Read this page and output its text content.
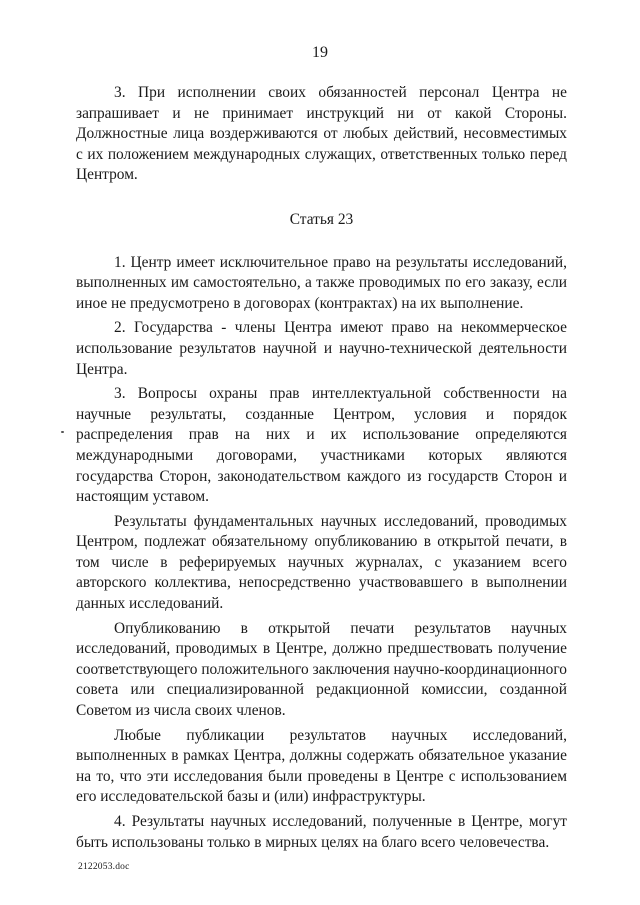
19

3. При исполнении своих обязанностей персонал Центра не запрашивает и не принимает инструкций ни от какой Стороны. Должностные лица воздерживаются от любых действий, несовместимых с их положением международных служащих, ответственных только перед Центром.

Статья 23

1. Центр имеет исключительное право на результаты исследований, выполненных им самостоятельно, а также проводимых по его заказу, если иное не предусмотрено в договорах (контрактах) на их выполнение.

2. Государства - члены Центра имеют право на некоммерческое использование результатов научной и научно-технической деятельности Центра.

3. Вопросы охраны прав интеллектуальной собственности на научные результаты, созданные Центром, условия и порядок распределения прав на них и их использование определяются международными договорами, участниками которых являются государства Сторон, законодательством каждого из государств Сторон и настоящим уставом.

Результаты фундаментальных научных исследований, проводимых Центром, подлежат обязательному опубликованию в открытой печати, в том числе в реферируемых научных журналах, с указанием всего авторского коллектива, непосредственно участвовавшего в выполнении данных исследований.

Опубликованию в открытой печати результатов научных исследований, проводимых в Центре, должно предшествовать получение соответствующего положительного заключения научно-координационного совета или специализированной редакционной комиссии, созданной Советом из числа своих членов.

Любые публикации результатов научных исследований, выполненных в рамках Центра, должны содержать обязательное указание на то, что эти исследования были проведены в Центре с использованием его исследовательской базы и (или) инфраструктуры.

4. Результаты научных исследований, полученные в Центре, могут быть использованы только в мирных целях на благо всего человечества.

2122053.doc
